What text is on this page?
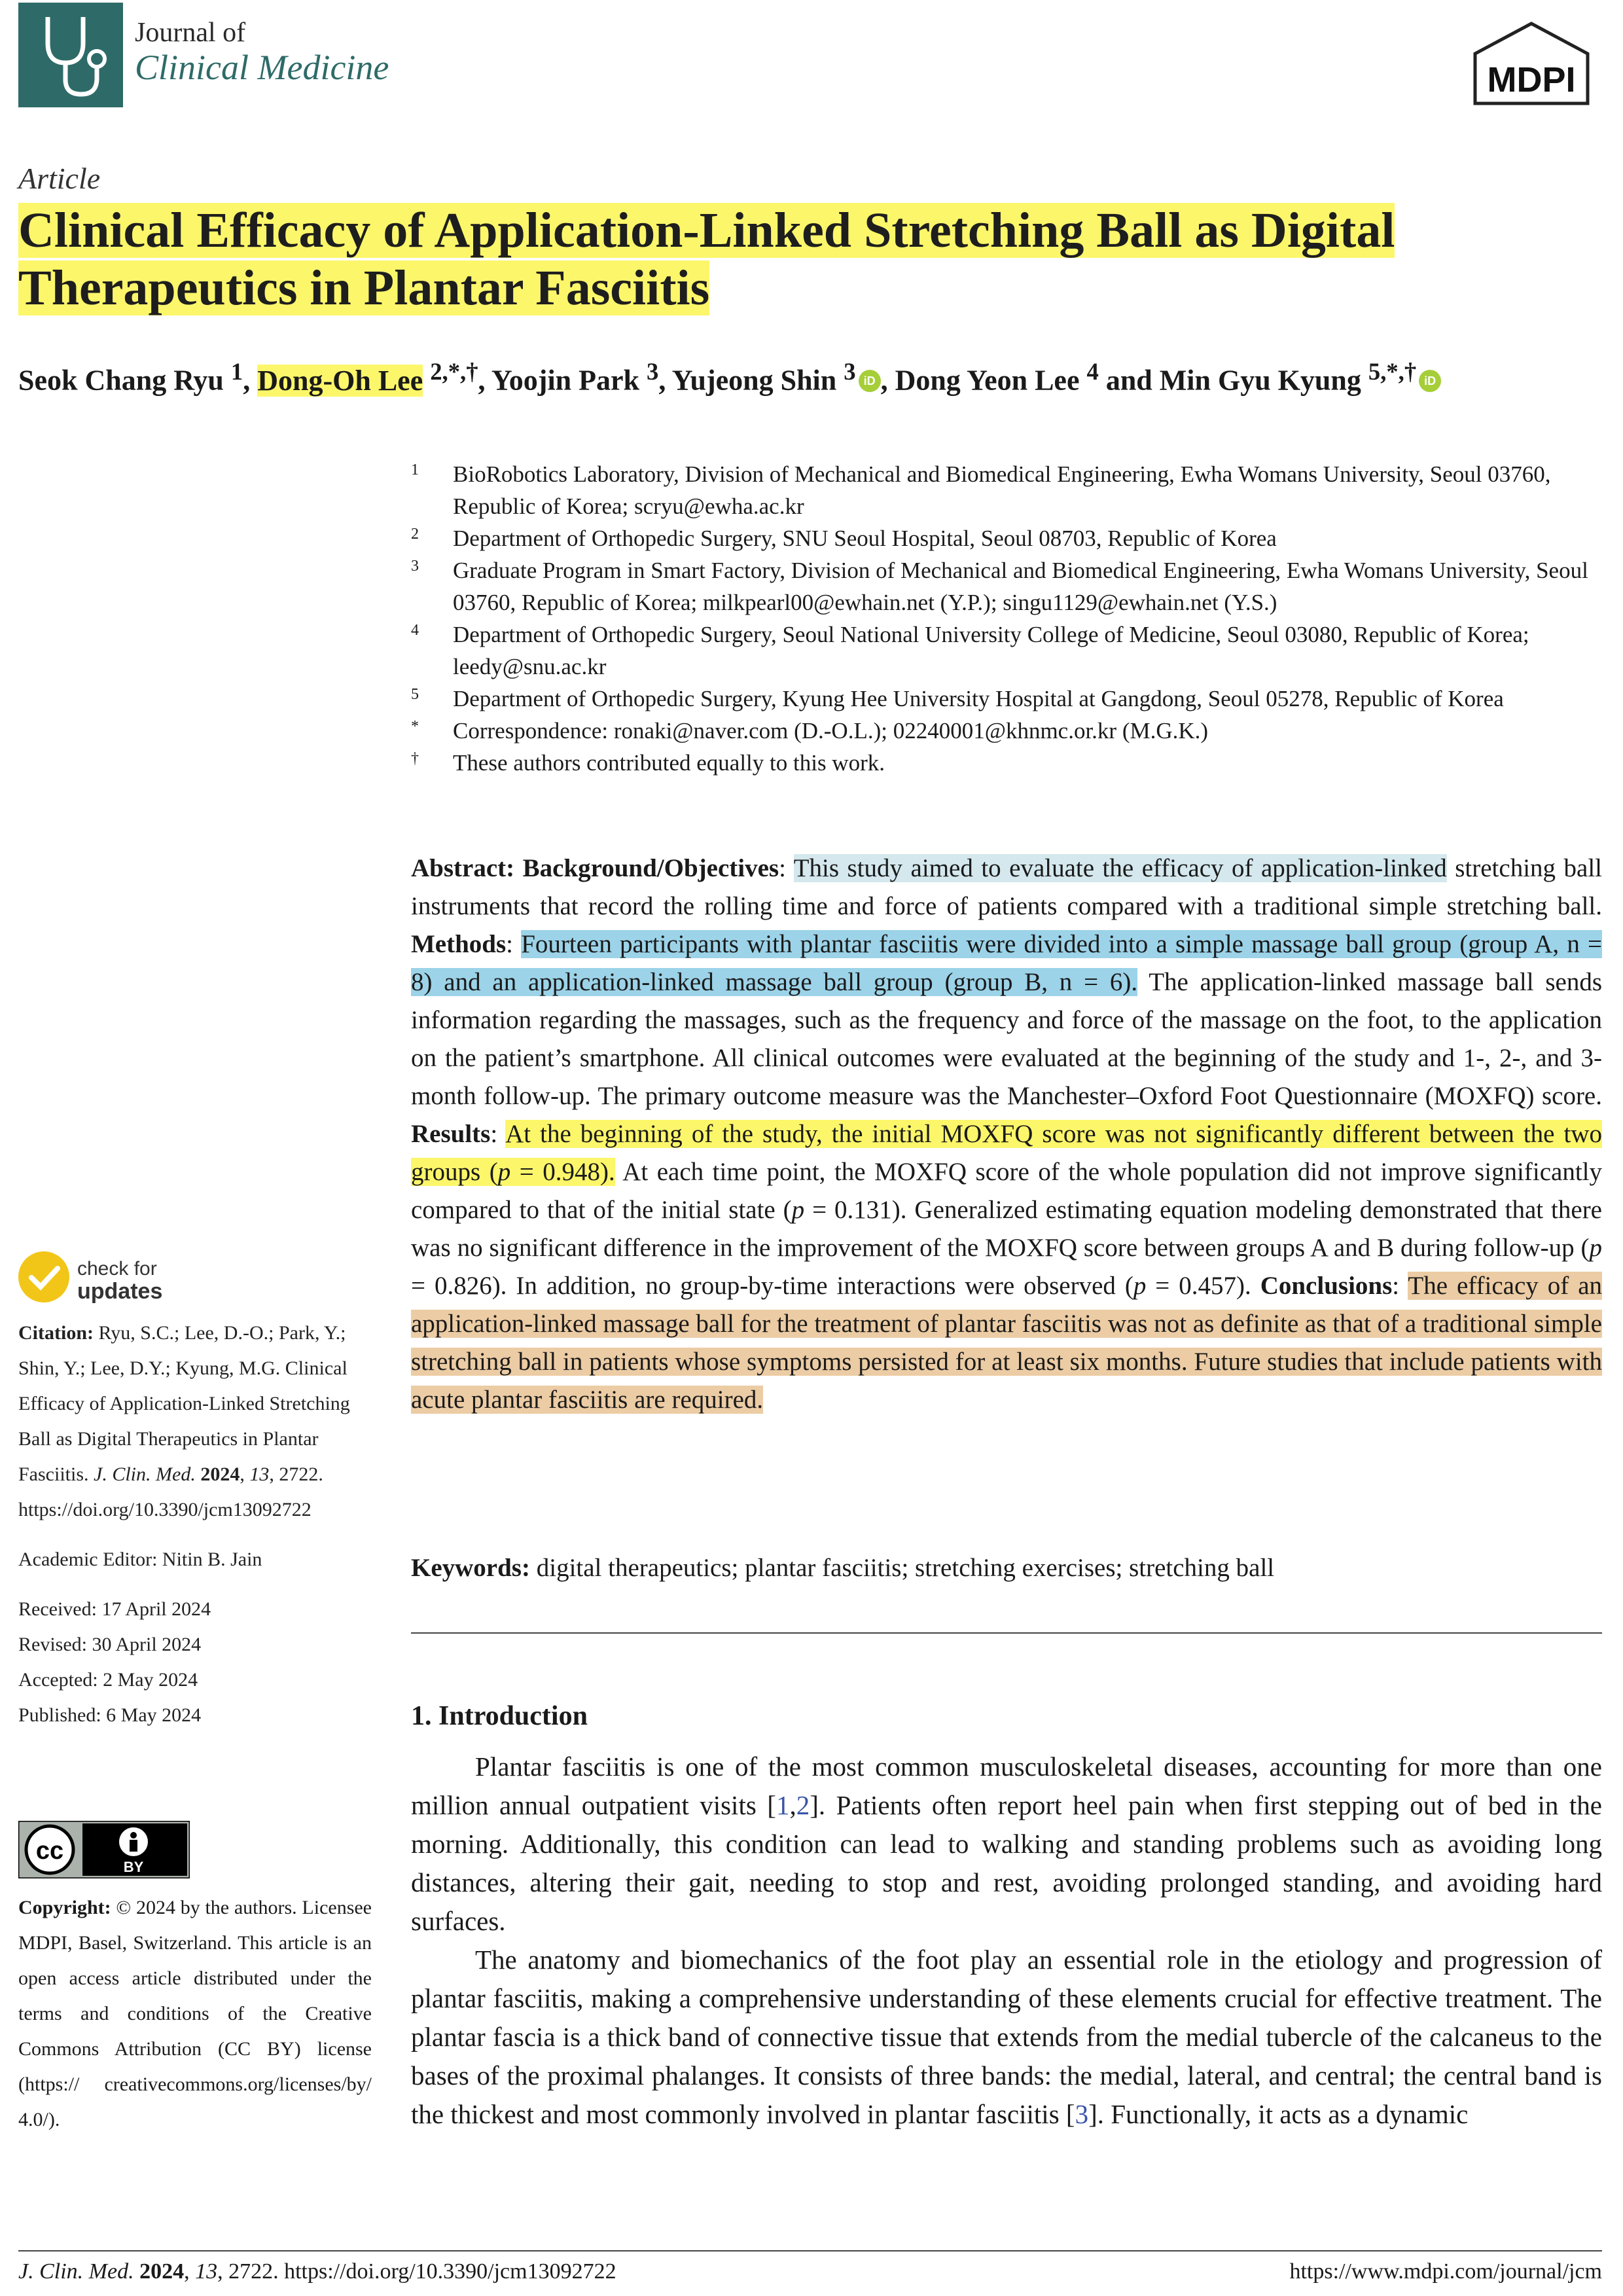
Journal of
Clinical Medicine	MDPI
Article
Clinical Efficacy of Application-Linked Stretching Ball as Digital Therapeutics in Plantar Fasciitis
Seok Chang Ryu $^1$, Dong-Oh Lee $^{2,*,\dagger}$, Yoojin Park $^3$, Yujeong Shin $^3$ iD , Dong Yeon Lee $^4$ and Min Gyu Kyung $^{5,*,\dagger}$ iD
1 BioRobotics Laboratory, Division of Mechanical and Biomedical Engineering, Ewha Womans University, Seoul 03760, Republic of Korea; scryu@ewha.ac.kr
2 Department of Orthopedic Surgery, SNU Seoul Hospital, Seoul 08703, Republic of Korea
3 Graduate Program in Smart Factory, Division of Mechanical and Biomedical Engineering, Ewha Womans University, Seoul 03760, Republic of Korea; milkpearl00@ewhain.net (Y.P.); singu1129@ewhain.net (Y.S.)
4 Department of Orthopedic Surgery, Seoul National University College of Medicine, Seoul 03080, Republic of Korea; leedy@snu.ac.kr
5 Department of Orthopedic Surgery, Kyung Hee University Hospital at Gangdong, Seoul 05278, Republic of Korea
* Correspondence: ronaki@naver.com (D.-O.L.); 02240001@khnmc.or.kr (M.G.K.)
† These authors contributed equally to this work.
Abstract: Background/Objectives: This study aimed to evaluate the efficacy of application-linked stretching ball instruments that record the rolling time and force of patients compared with a traditional simple stretching ball. Methods: Fourteen participants with plantar fasciitis were divided into a simple massage ball group (group A, n = 8) and an application-linked massage ball group (group B, n = 6). The application-linked massage ball sends information regarding the massages, such as the frequency and force of the massage on the foot, to the application on the patient’s smartphone. All clinical outcomes were evaluated at the beginning of the study and 1-, 2-, and 3-month follow-up. The primary outcome measure was the Manchester–Oxford Foot Questionnaire (MOXFQ) score. Results: At the beginning of the study, the initial MOXFQ score was not significantly different between the two groups (p = 0.948). At each time point, the MOXFQ score of the whole population did not improve significantly compared to that of the initial state (p = 0.131). Generalized estimating equation modeling demonstrated that there was no significant difference in the improvement of the MOXFQ score between groups A and B during follow-up (p = 0.826). In addition, no group-by-time interactions were observed (p = 0.457). Conclusions: The efficacy of an application-linked massage ball for the treatment of plantar fasciitis was not as definite as that of a traditional simple stretching ball in patients whose symptoms persisted for at least six months. Future studies that include patients with acute plantar fasciitis are required.
Keywords: digital therapeutics; plantar fasciitis; stretching exercises; stretching ball
1. Introduction

Plantar fasciitis is one of the most common musculoskeletal diseases, accounting for more than one million annual outpatient visits [1,2]. Patients often report heel pain when first stepping out of bed in the morning. Additionally, this condition can lead to walking and standing problems such as avoiding long distances, altering their gait, needing to stop and rest, avoiding prolonged standing, and avoiding hard surfaces.

The anatomy and biomechanics of the foot play an essential role in the etiology and progression of plantar fasciitis, making a comprehensive understanding of these elements crucial for effective treatment. The plantar fascia is a thick band of connective tissue that extends from the medial tubercle of the calcaneus to the bases of the proximal phalanges. It consists of three bands: the medial, lateral, and central; the central band is the thickest and most commonly involved in plantar fasciitis [3]. Functionally, it acts as a dynamic

check for
updates
Citation: Ryu, S.C.; Lee, D.-O.; Park, Y.; Shin, Y.; Lee, D.Y.; Kyung, M.G. Clinical Efficacy of Application-Linked Stretching Ball as Digital Therapeutics in Plantar Fasciitis. J. Clin. Med. 2024, 13, 2722. https://doi.org/10.3390/jcm13092722
Academic Editor: Nitin B. Jain
Received: 17 April 2024
Revised: 30 April 2024
Accepted: 2 May 2024
Published: 6 May 2024
cc
BY
Copyright: © 2024 by the authors. Licensee MDPI, Basel, Switzerland. This article is an open access article distributed under the terms and conditions of the Creative Commons Attribution (CC BY) license (https:// creativecommons.org/licenses/by/ 4.0/).
J. Clin. Med. 2024, 13, 2722. https://doi.org/10.3390/jcm13092722	https://www.mdpi.com/journal/jcm
